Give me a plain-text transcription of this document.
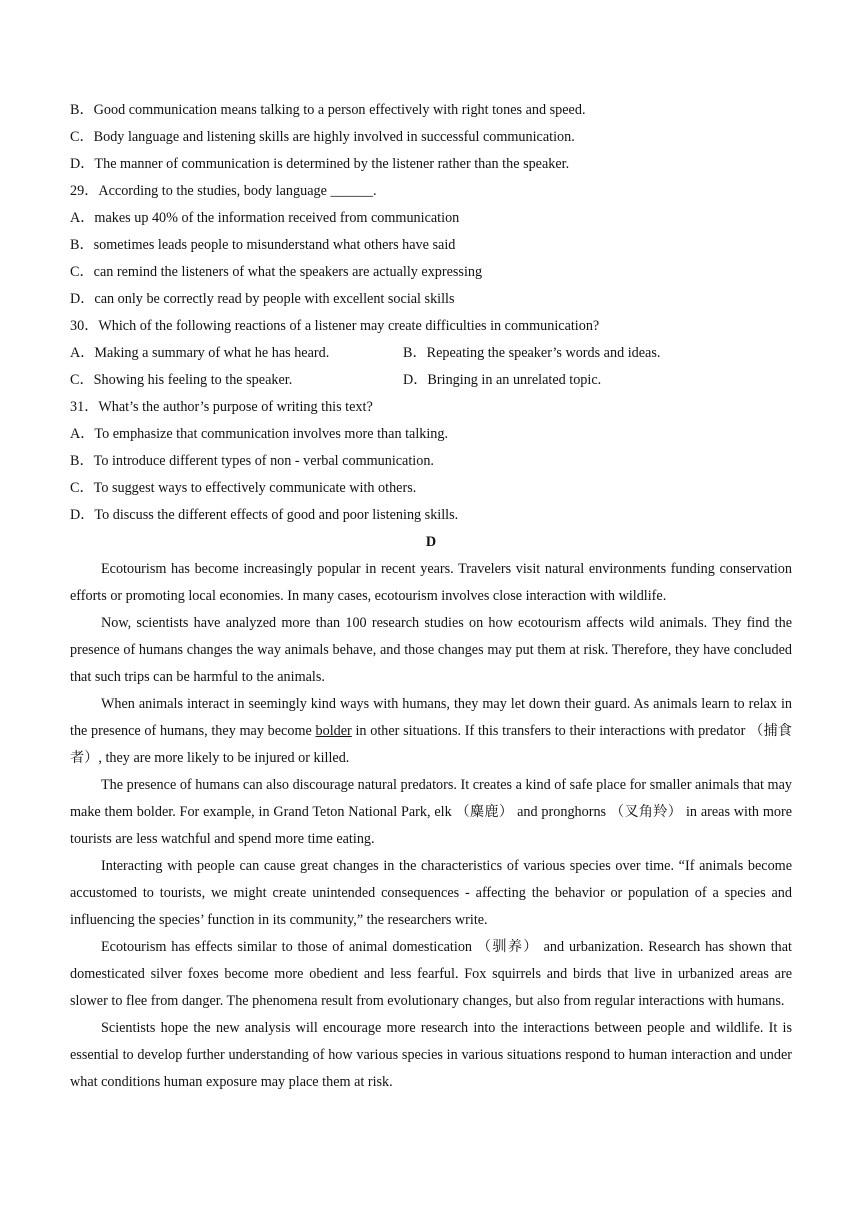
B．Good communication means talking to a person effectively with right tones and speed.
C．Body language and listening skills are highly involved in successful communication.
D．The manner of communication is determined by the listener rather than the speaker.
29．According to the studies, body language ______.
A．makes up 40% of the information received from communication
B．sometimes leads people to misunderstand what others have said
C．can remind the listeners of what the speakers are actually expressing
D．can only be correctly read by people with excellent social skills
30．Which of the following reactions of a listener may create difficulties in communication?
A．Making a summary of what he has heard.	B．Repeating the speaker’s words and ideas.
C．Showing his feeling to the speaker.	D．Bringing in an unrelated topic.
31．What’s the author’s purpose of writing this text?
A．To emphasize that communication involves more than talking.
B．To introduce different types of non - verbal communication.
C．To suggest ways to effectively communicate with others.
D．To discuss the different effects of good and poor listening skills.
D

Ecotourism has become increasingly popular in recent years. Travelers visit natural environments funding conservation efforts or promoting local economies. In many cases, ecotourism involves close interaction with wildlife.

Now, scientists have analyzed more than 100 research studies on how ecotourism affects wild animals. They find the presence of humans changes the way animals behave, and those changes may put them at risk. Therefore, they have concluded that such trips can be harmful to the animals.

When animals interact in seemingly kind ways with humans, they may let down their guard. As animals learn to relax in the presence of humans, they may become bolder in other situations. If this transfers to their interactions with predator （捕食者）, they are more likely to be injured or killed.

The presence of humans can also discourage natural predators. It creates a kind of safe place for smaller animals that may make them bolder. For example, in Grand Teton National Park, elk （麋鹿） and pronghorns （叉角羚） in areas with more tourists are less watchful and spend more time eating.

Interacting with people can cause great changes in the characteristics of various species over time. “If animals become accustomed to tourists, we might create unintended consequences - affecting the behavior or population of a species and influencing the species’ function in its community,” the researchers write.

Ecotourism has effects similar to those of animal domestication （驯养） and urbanization. Research has shown that domesticated silver foxes become more obedient and less fearful. Fox squirrels and birds that live in urbanized areas are slower to flee from danger. The phenomena result from evolutionary changes, but also from regular interactions with humans.

Scientists hope the new analysis will encourage more research into the interactions between people and wildlife. It is essential to develop further understanding of how various species in various situations respond to human interaction and under what conditions human exposure may place them at risk.
